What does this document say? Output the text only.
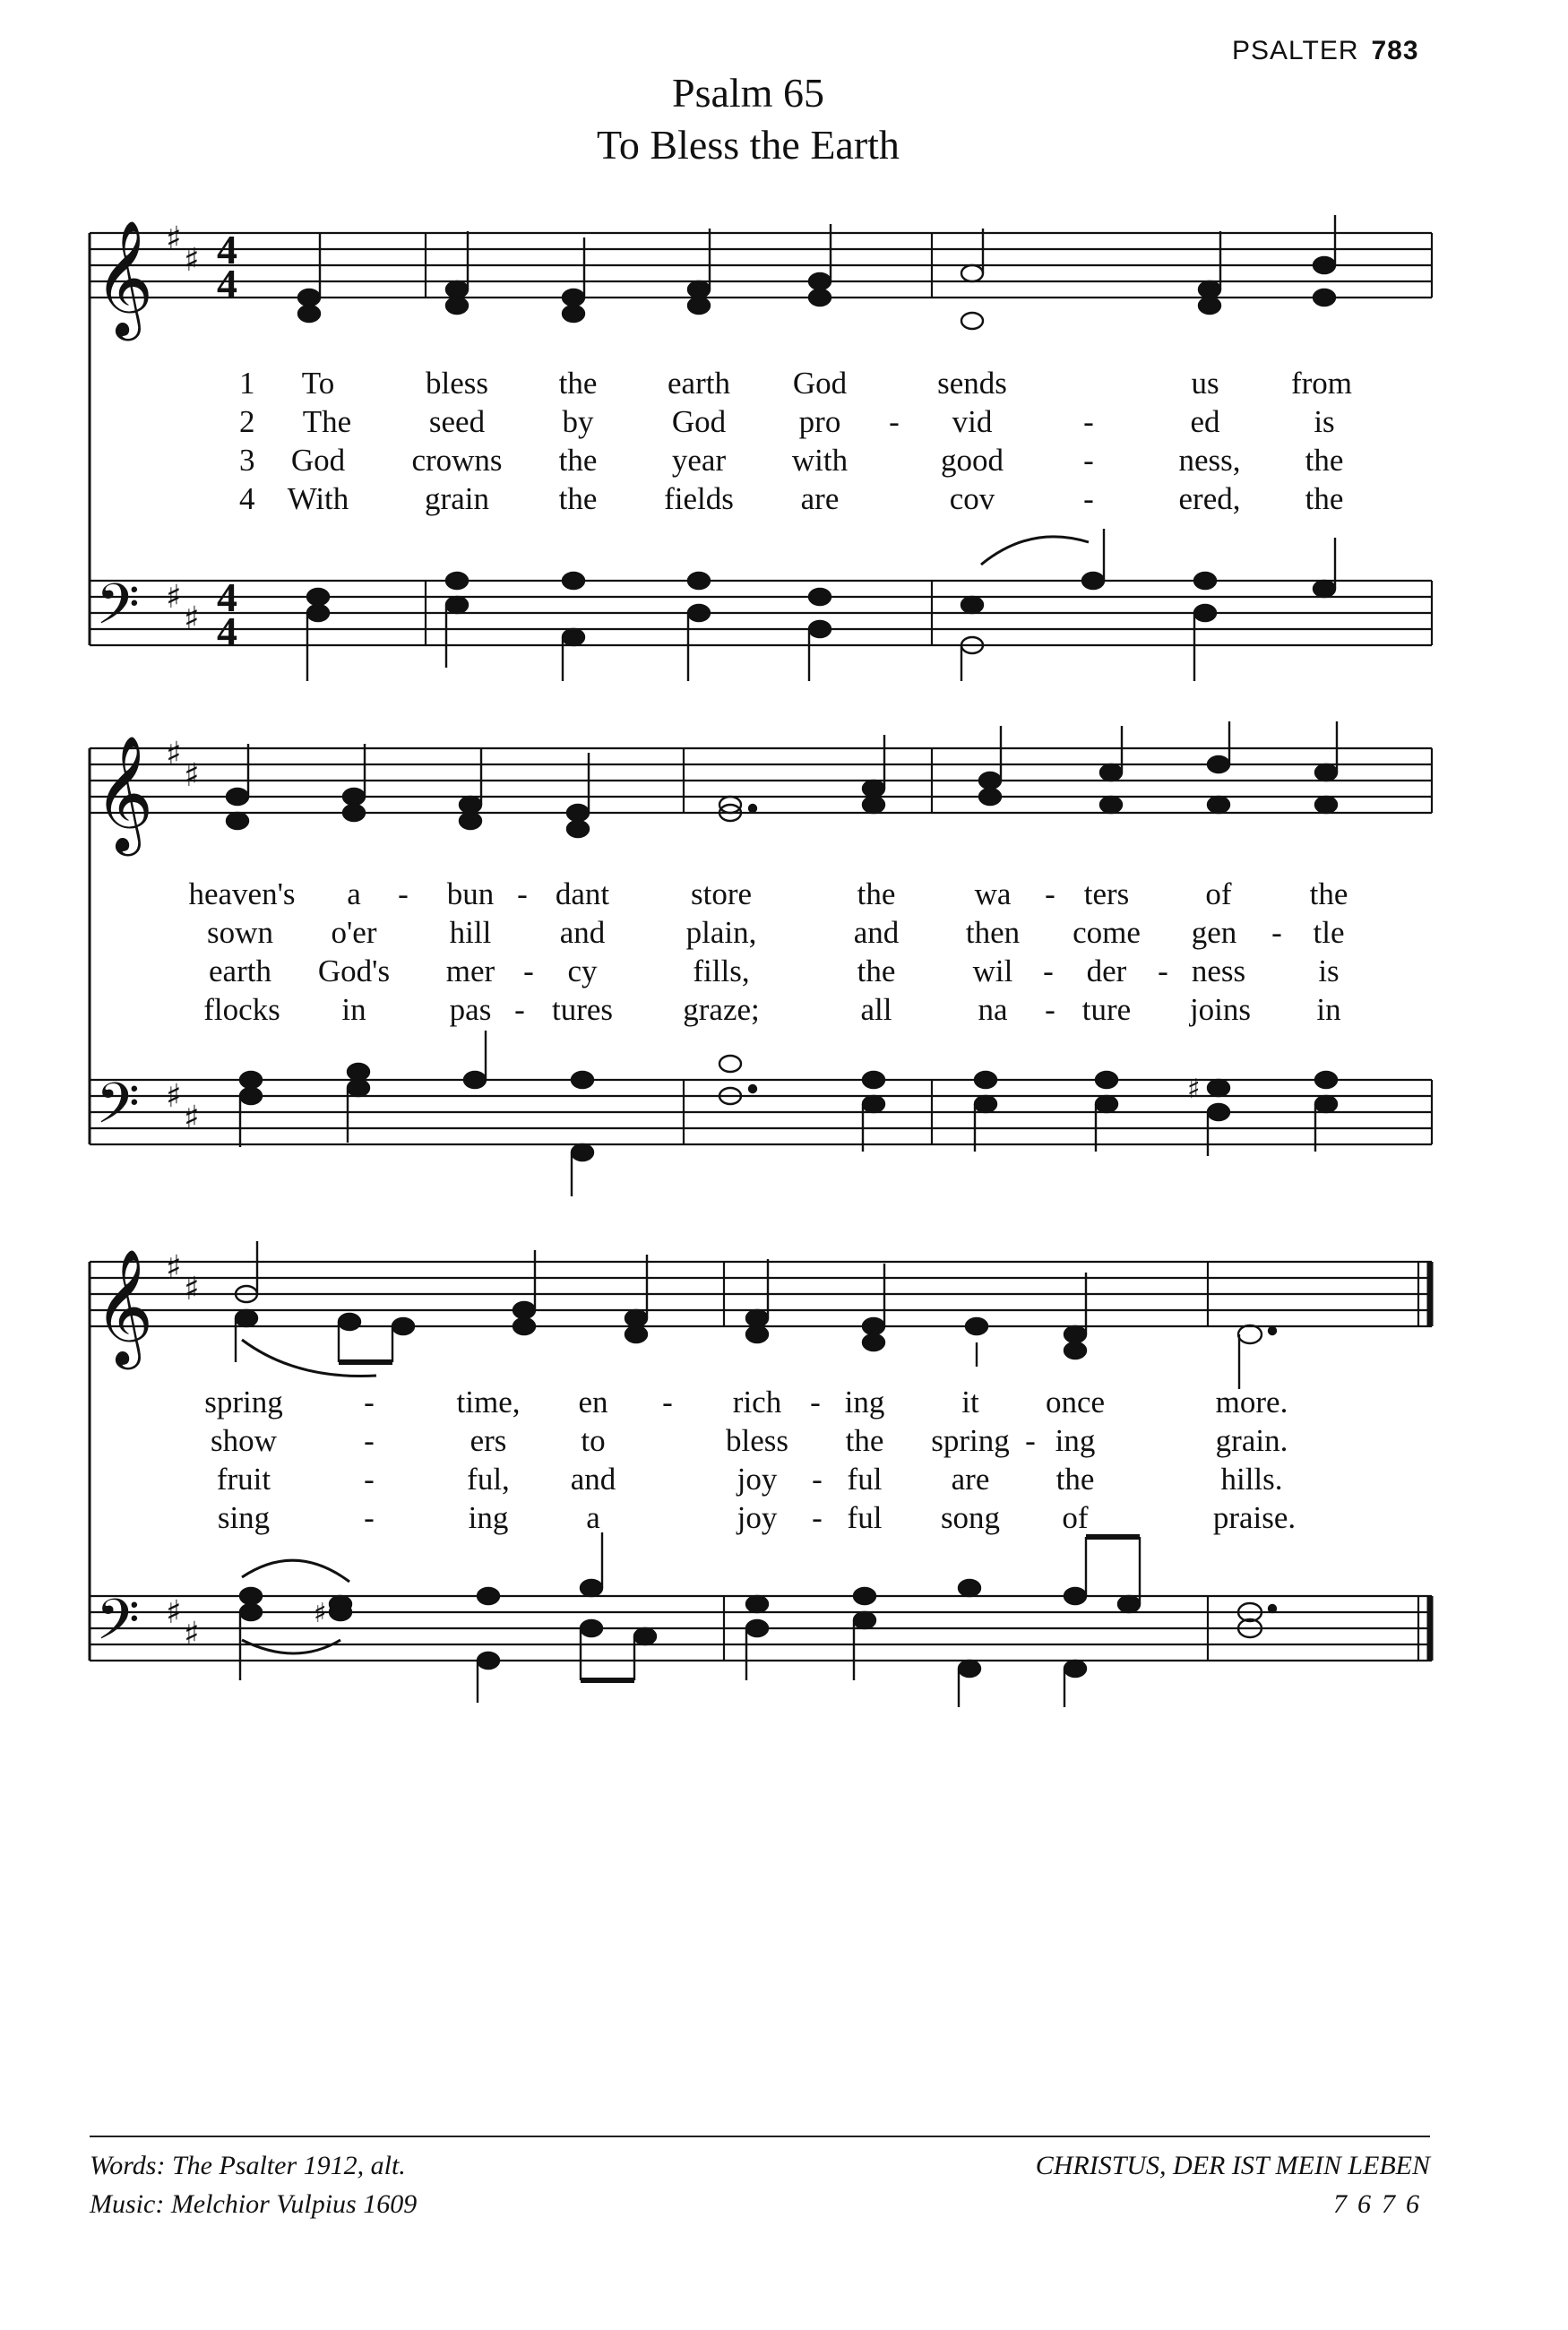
PSALTER 783
Psalm 65
To Bless the Earth
𝄞
𝄢
♯
♯
♯
♯
4
4
4
4
𝄞
𝄢
♯
♯
♯
♯
♯
𝄞
𝄢
♯
♯
♯
♯
♯
1 To	bless the earth God	sends	us from
2 The seed by God pro - vid	-	ed	is
3 God crowns the year with	good	-	ness, the
4 With grain the fields are	cov	-	ered, the
heaven's a - bun - dant	store	the	wa - ters of the
sown o'er hill and	plain,	and then come gen - tle
earth God's mer - cy	fills,	the wil - der - ness is
flocks in	pas - tures graze;	all	na - ture joins in
spring	-	time, en - rich - ing it once	more.
show	-	ers to	bless the spring - ing	grain.
fruit	-	ful, and	joy - ful are the	hills.
sing	-	ing a	joy - ful song of	praise.
Words: The Psalter 1912, alt.
Music: Melchior Vulpius 1609
CHRISTUS, DER IST MEIN LEBEN
7676
